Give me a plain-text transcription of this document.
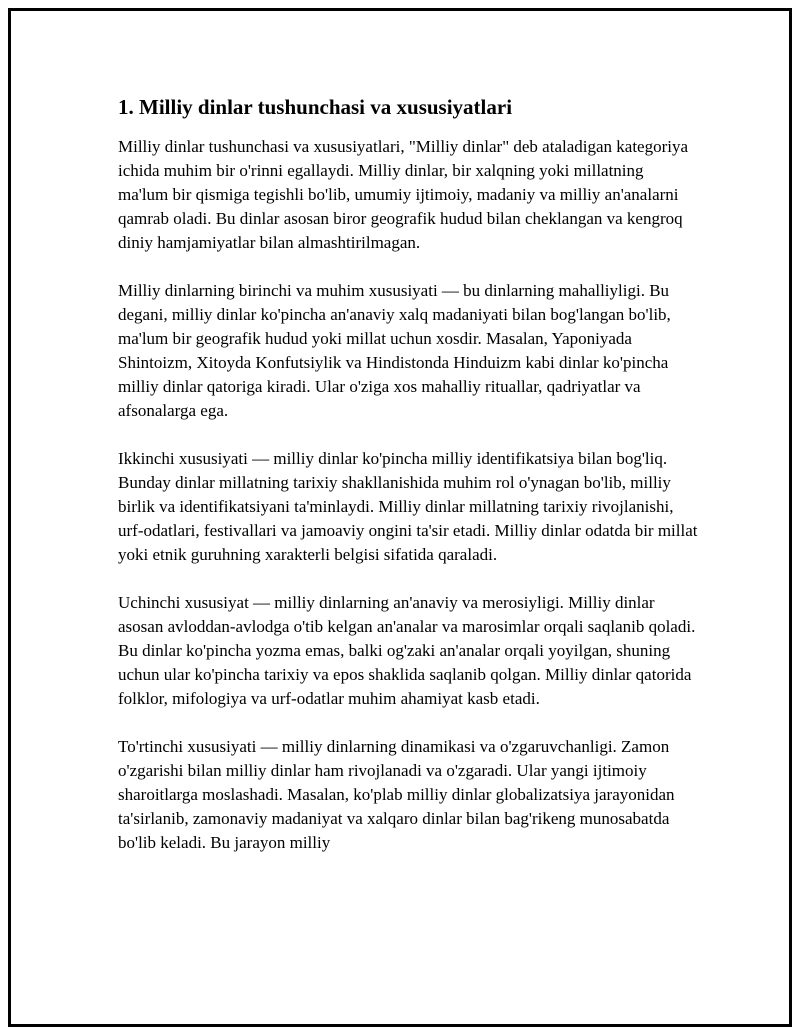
1. Milliy dinlar tushunchasi va xususiyatlari

Milliy dinlar tushunchasi va xususiyatlari, "Milliy dinlar" deb ataladigan kategoriya ichida muhim bir o'rinni egallaydi. Milliy dinlar, bir xalqning yoki millatning ma'lum bir qismiga tegishli bo'lib, umumiy ijtimoiy, madaniy va milliy an'analarni qamrab oladi. Bu dinlar asosan biror geografik hudud bilan cheklangan va kengroq diniy hamjamiyatlar bilan almashtirilmagan.

Milliy dinlarning birinchi va muhim xususiyati — bu dinlarning mahalliyligi. Bu degani, milliy dinlar ko'pincha an'anaviy xalq madaniyati bilan bog'langan bo'lib, ma'lum bir geografik hudud yoki millat uchun xosdir. Masalan, Yaponiyada Shintoizm, Xitoyda Konfutsiylik va Hindistonda Hinduizm kabi dinlar ko'pincha milliy dinlar qatoriga kiradi. Ular o'ziga xos mahalliy rituallar, qadriyatlar va afsonalarga ega.

Ikkinchi xususiyati — milliy dinlar ko'pincha milliy identifikatsiya bilan bog'liq. Bunday dinlar millatning tarixiy shakllanishida muhim rol o'ynagan bo'lib, milliy birlik va identifikatsiyani ta'minlaydi. Milliy dinlar millatning tarixiy rivojlanishi, urf-odatlari, festivallari va jamoaviy ongini ta'sir etadi. Milliy dinlar odatda bir millat yoki etnik guruhning xarakterli belgisi sifatida qaraladi.

Uchinchi xususiyat — milliy dinlarning an'anaviy va merosiyligi. Milliy dinlar asosan avloddan-avlodga o'tib kelgan an'analar va marosimlar orqali saqlanib qoladi. Bu dinlar ko'pincha yozma emas, balki og'zaki an'analar orqali yoyilgan, shuning uchun ular ko'pincha tarixiy va epos shaklida saqlanib qolgan. Milliy dinlar qatorida folklor, mifologiya va urf-odatlar muhim ahamiyat kasb etadi.

To'rtinchi xususiyati — milliy dinlarning dinamikasi va o'zgaruvchanligi. Zamon o'zgarishi bilan milliy dinlar ham rivojlanadi va o'zgaradi. Ular yangi ijtimoiy sharoitlarga moslashadi. Masalan, ko'plab milliy dinlar globalizatsiya jarayonidan ta'sirlanib, zamonaviy madaniyat va xalqaro dinlar bilan bag'rikeng munosabatda bo'lib keladi. Bu jarayon milliy
